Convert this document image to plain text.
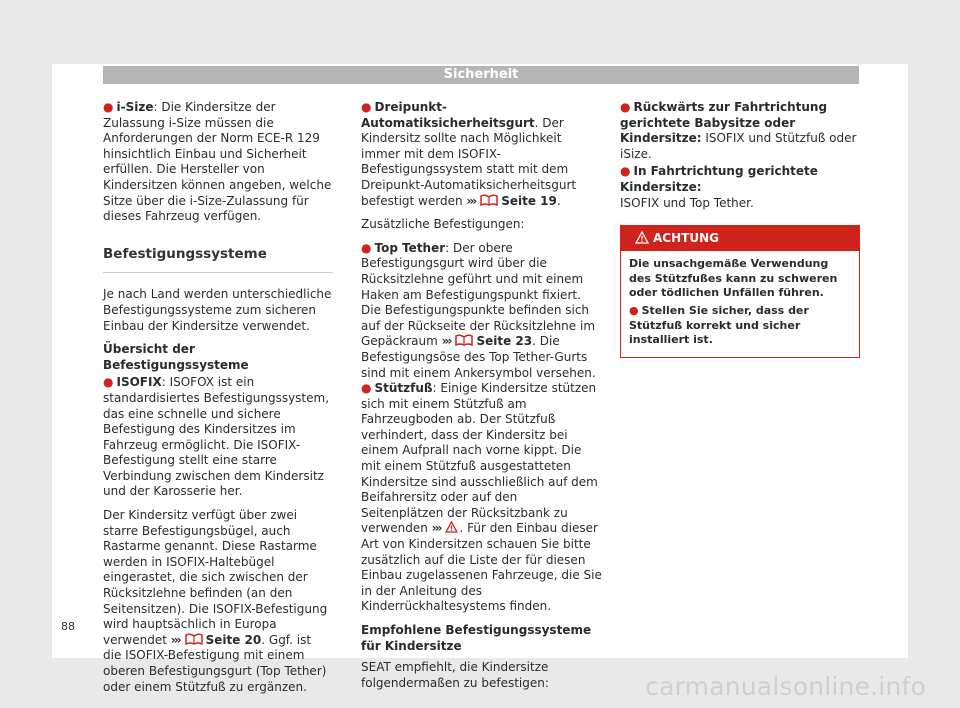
Sicherheit

● i-Size: Die Kindersitze der Zulassung i-Size müssen die Anforderungen der Norm ECE-R 129 hinsichtlich Einbau und Sicherheit erfüllen. Die Hersteller von Kindersitzen können angeben, welche Sitze über die i-Size-Zulassung für dieses Fahrzeug verfügen.

Befestigungssysteme

Je nach Land werden unterschiedliche Befestigungssysteme zum sicheren Einbau der Kindersitze verwendet.

Übersicht der Befestigungssysteme

● ISOFIX: ISOFOX ist ein standardisiertes Befestigungssystem, das eine schnelle und sichere Befestigung des Kindersitzes im Fahrzeug ermöglicht. Die ISOFIX-Befestigung stellt eine starre Verbindung zwischen dem Kindersitz und der Karosserie her.

Der Kindersitz verfügt über zwei starre Befestigungsbügel, auch Rastarme genannt. Diese Rastarme werden in ISOFIX-Haltebügel eingerastet, die sich zwischen der Rücksitzlehne befinden (an den Seitensitzen). Die ISOFIX-Befestigung wird hauptsächlich in Europa verwendet ››› Seite 20. Ggf. ist die ISOFIX-Befestigung mit einem oberen Befestigungsgurt (Top Tether) oder einem Stützfuß zu ergänzen.

● Dreipunkt-Automatiksicherheitsgurt. Der Kindersitz sollte nach Möglichkeit immer mit dem ISOFIX-Befestigungssystem statt mit dem Dreipunkt-Automatiksicherheitsgurt befestigt werden ››› Seite 19.

Zusätzliche Befestigungen:

● Top Tether: Der obere Befestigungsgurt wird über die Rücksitzlehne geführt und mit einem Haken am Befestigungspunkt fixiert. Die Befestigungspunkte befinden sich auf der Rückseite der Rücksitzlehne im Gepäckraum ››› Seite 23. Die Befestigungsöse des Top Tether-Gurts sind mit einem Ankersymbol versehen.

● Stützfuß: Einige Kindersitze stützen sich mit einem Stützfuß am Fahrzeugboden ab. Der Stützfuß verhindert, dass der Kindersitz bei einem Aufprall nach vorne kippt. Die mit einem Stützfuß ausgestatteten Kindersitze sind ausschließlich auf dem Beifahrersitz oder auf den Seitenplätzen der Rücksitzbank zu verwenden ››› . Für den Einbau dieser Art von Kindersitzen schauen Sie bitte zusätzlich auf die Liste der für diesen Einbau zugelassenen Fahrzeuge, die Sie in der Anleitung des Kinderrückhaltesystems finden.

Empfohlene Befestigungssysteme für Kindersitze

SEAT empfiehlt, die Kindersitze folgendermaßen zu befestigen:

● Rückwärts zur Fahrtrichtung gerichtete Babysitze oder Kindersitze: ISOFIX und Stützfuß oder iSize.

● In Fahrtrichtung gerichtete Kindersitze:
ISOFIX und Top Tether.

ACHTUNG

Die unsachgemäße Verwendung des Stützfußes kann zu schweren oder tödlichen Unfällen führen.

● Stellen Sie sicher, dass der Stützfuß korrekt und sicher installiert ist.

88
carmanualsonline.info
